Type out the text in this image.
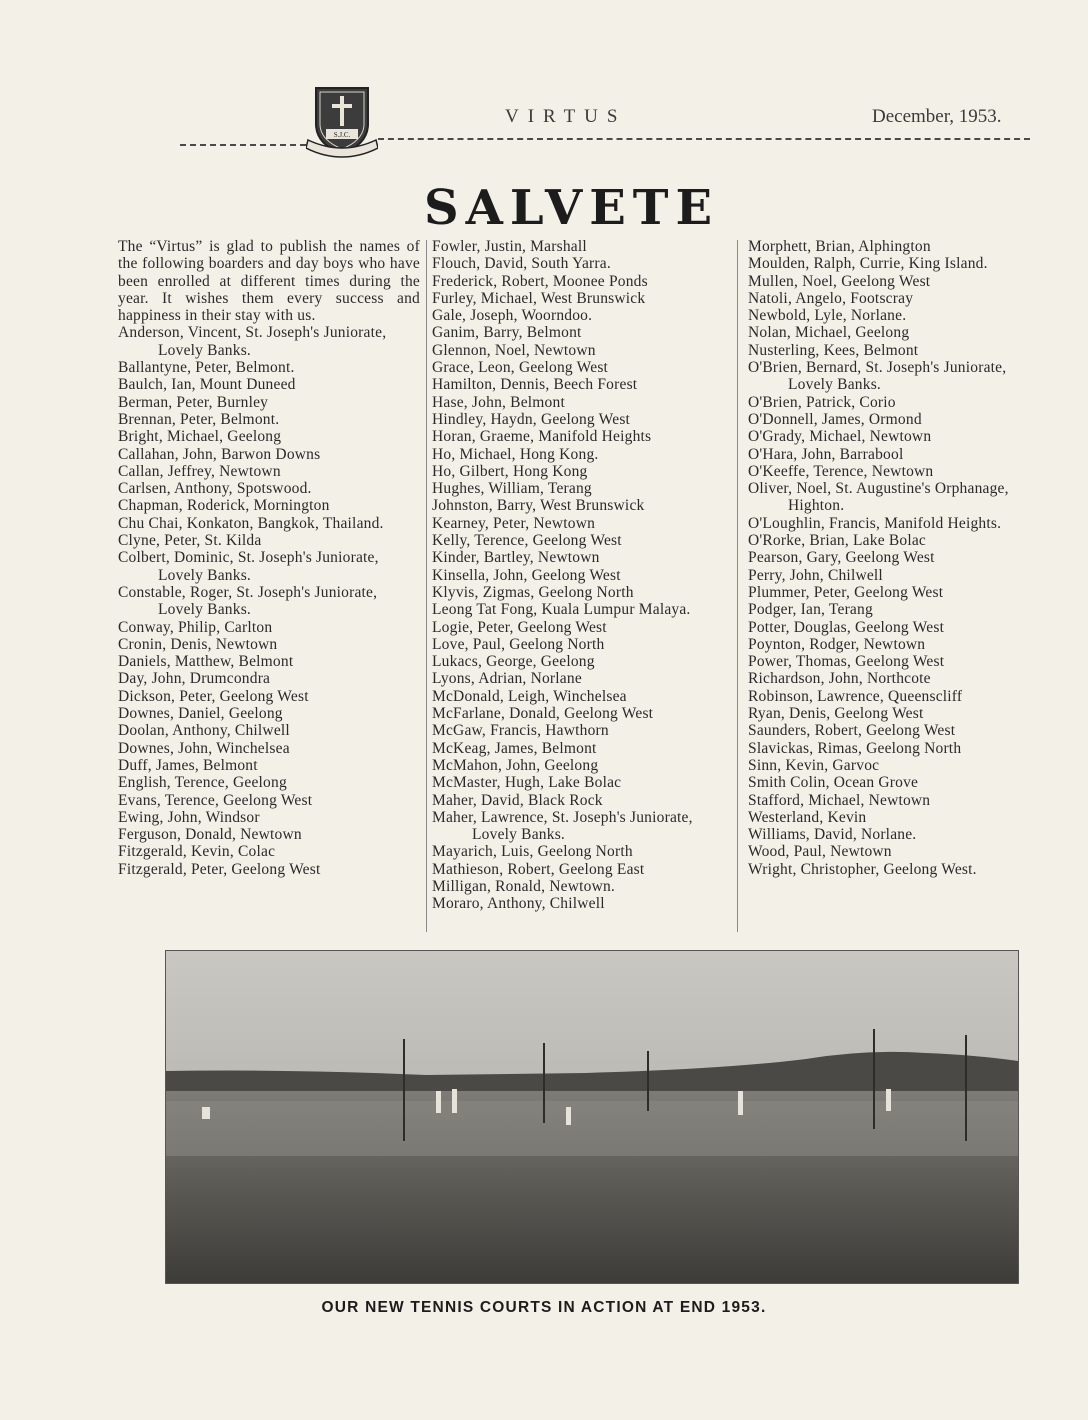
S.J.C.
VIRTUS	December, 1953.
SALVETE

The “Virtus” is glad to publish the names of the following boarders and day boys who have been enrolled at different times during the year. It wishes them every success and happiness in their stay with us.

Anderson, Vincent, St. Joseph's Juniorate, Lovely Banks.

Ballantyne, Peter, Belmont.

Baulch, Ian, Mount Duneed

Berman, Peter, Burnley

Brennan, Peter, Belmont.

Bright, Michael, Geelong

Callahan, John, Barwon Downs

Callan, Jeffrey, Newtown

Carlsen, Anthony, Spotswood.

Chapman, Roderick, Mornington

Chu Chai, Konkaton, Bangkok, Thailand.

Clyne, Peter, St. Kilda

Colbert, Dominic, St. Joseph's Juniorate, Lovely Banks.

Constable, Roger, St. Joseph's Juniorate, Lovely Banks.

Conway, Philip, Carlton

Cronin, Denis, Newtown

Daniels, Matthew, Belmont

Day, John, Drumcondra

Dickson, Peter, Geelong West

Downes, Daniel, Geelong

Doolan, Anthony, Chilwell

Downes, John, Winchelsea

Duff, James, Belmont

English, Terence, Geelong

Evans, Terence, Geelong West

Ewing, John, Windsor

Ferguson, Donald, Newtown

Fitzgerald, Kevin, Colac

Fitzgerald, Peter, Geelong West

Fowler, Justin, Marshall

Flouch, David, South Yarra.

Frederick, Robert, Moonee Ponds

Furley, Michael, West Brunswick

Gale, Joseph, Woorndoo.

Ganim, Barry, Belmont

Glennon, Noel, Newtown

Grace, Leon, Geelong West

Hamilton, Dennis, Beech Forest

Hase, John, Belmont

Hindley, Haydn, Geelong West

Horan, Graeme, Manifold Heights

Ho, Michael, Hong Kong.

Ho, Gilbert, Hong Kong

Hughes, William, Terang

Johnston, Barry, West Brunswick

Kearney, Peter, Newtown

Kelly, Terence, Geelong West

Kinder, Bartley, Newtown

Kinsella, John, Geelong West

Klyvis, Zigmas, Geelong North

Leong Tat Fong, Kuala Lumpur Malaya.

Logie, Peter, Geelong West

Love, Paul, Geelong North

Lukacs, George, Geelong

Lyons, Adrian, Norlane

McDonald, Leigh, Winchelsea

McFarlane, Donald, Geelong West

McGaw, Francis, Hawthorn

McKeag, James, Belmont

McMahon, John, Geelong

McMaster, Hugh, Lake Bolac

Maher, David, Black Rock

Maher, Lawrence, St. Joseph's Juniorate, Lovely Banks.

Mayarich, Luis, Geelong North

Mathieson, Robert, Geelong East

Milligan, Ronald, Newtown.

Moraro, Anthony, Chilwell

Morphett, Brian, Alphington

Moulden, Ralph, Currie, King Island.

Mullen, Noel, Geelong West

Natoli, Angelo, Footscray

Newbold, Lyle, Norlane.

Nolan, Michael, Geelong

Nusterling, Kees, Belmont

O'Brien, Bernard, St. Joseph's Juniorate, Lovely Banks.

O'Brien, Patrick, Corio

O'Donnell, James, Ormond

O'Grady, Michael, Newtown

O'Hara, John, Barrabool

O'Keeffe, Terence, Newtown

Oliver, Noel, St. Augustine's Orphanage, Highton.

O'Loughlin, Francis, Manifold Heights.

O'Rorke, Brian, Lake Bolac

Pearson, Gary, Geelong West

Perry, John, Chilwell

Plummer, Peter, Geelong West

Podger, Ian, Terang

Potter, Douglas, Geelong West

Poynton, Rodger, Newtown

Power, Thomas, Geelong West

Richardson, John, Northcote

Robinson, Lawrence, Queenscliff

Ryan, Denis, Geelong West

Saunders, Robert, Geelong West

Slavickas, Rimas, Geelong North

Sinn, Kevin, Garvoc

Smith Colin, Ocean Grove

Stafford, Michael, Newtown

Westerland, Kevin

Williams, David, Norlane.

Wood, Paul, Newtown

Wright, Christopher, Geelong West.

OUR NEW TENNIS COURTS IN ACTION AT END 1953.
